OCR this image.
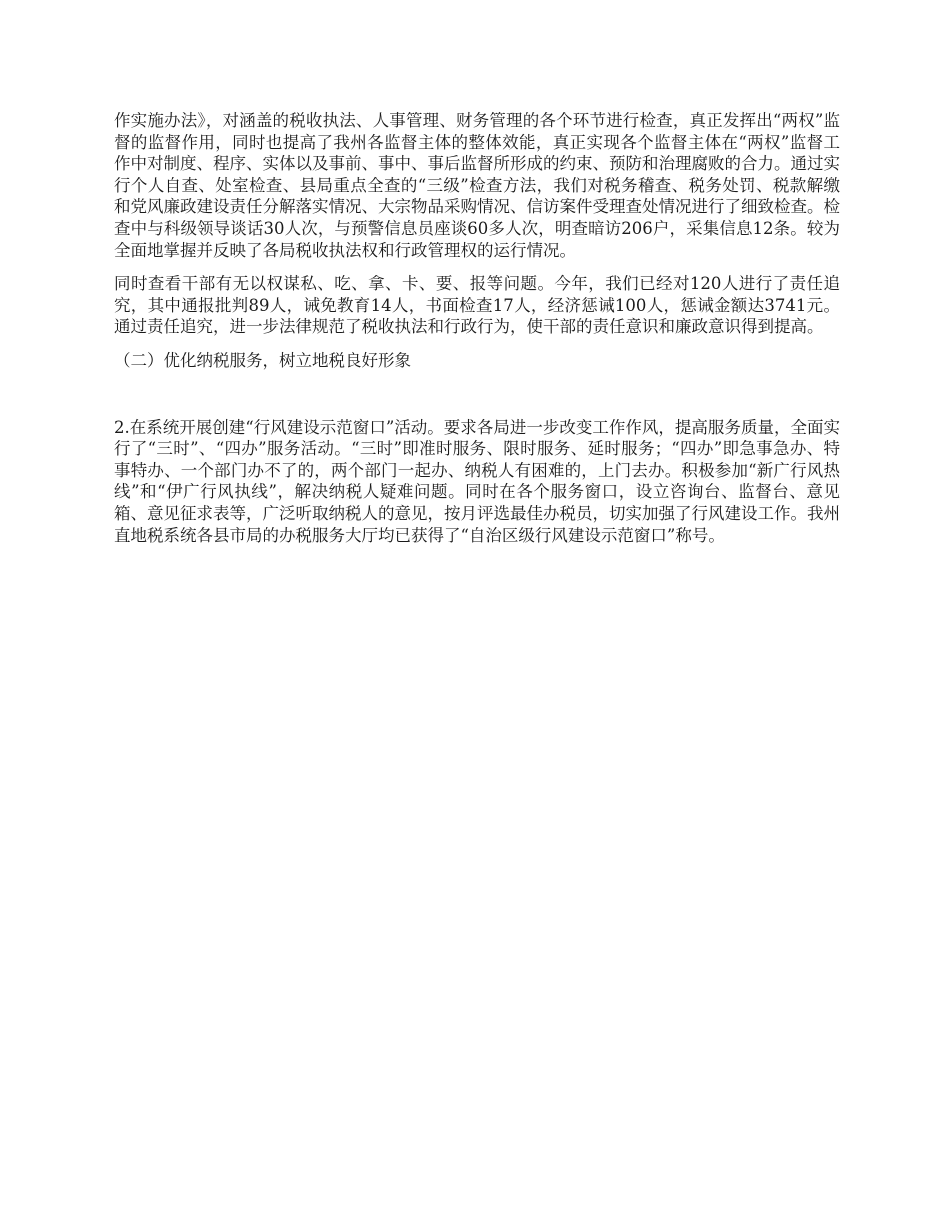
作实施办法》，对涵盖的税收执法、人事管理、财务管理的各个环节进行检查，真正发挥出“两权”监督的监督作用，同时也提高了我州各监督主体的整体效能，真正实现各个监督主体在“两权”监督工作中对制度、程序、实体以及事前、事中、事后监督所形成的约束、预防和治理腐败的合力。通过实行个人自查、处室检查、县局重点全查的“三级”检查方法，我们对税务稽查、税务处罚、税款解缴和党风廉政建设责任分解落实情况、大宗物品采购情况、信访案件受理查处情况进行了细致检查。检查中与科级领导谈话30人次，与预警信息员座谈60多人次，明查暗访206户，采集信息12条。较为全面地掌握并反映了各局税收执法权和行政管理权的运行情况。

同时查看干部有无以权谋私、吃、拿、卡、要、报等问题。今年，我们已经对120人进行了责任追究，其中通报批判89人，诫免教育14人，书面检查17人，经济惩诫100人，惩诫金额达3741元。通过责任追究，进一步法律规范了税收执法和行政行为，使干部的责任意识和廉政意识得到提高。

（二）优化纳税服务，树立地税良好形象

2.在系统开展创建“行风建设示范窗口”活动。要求各局进一步改变工作作风，提高服务质量，全面实行了“三时”、“四办”服务活动。“三时”即准时服务、限时服务、延时服务；“四办”即急事急办、特事特办、一个部门办不了的，两个部门一起办、纳税人有困难的，上门去办。积极参加“新广行风热线”和“伊广行风执线”，解决纳税人疑难问题。同时在各个服务窗口，设立咨询台、监督台、意见箱、意见征求表等，广泛听取纳税人的意见，按月评选最佳办税员，切实加强了行风建设工作。我州直地税系统各县市局的办税服务大厅均已获得了“自治区级行风建设示范窗口”称号。
